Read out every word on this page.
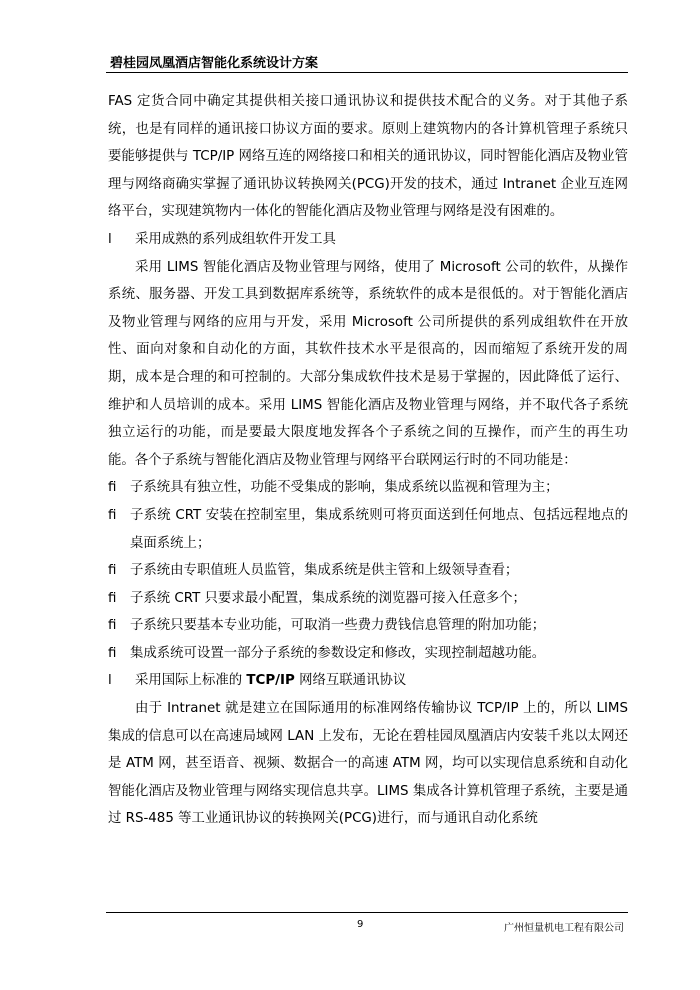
碧桂园凤凰酒店智能化系统设计方案

FAS 定货合同中确定其提供相关接口通讯协议和提供技术配合的义务。对于其他子系统，也是有同样的通讯接口协议方面的要求。原则上建筑物内的各计算机管理子系统只要能够提供与 TCP/IP 网络互连的网络接口和相关的通讯协议，同时智能化酒店及物业管理与网络商确实掌握了通讯协议转换网关(PCG)开发的技术，通过 Intranet 企业互连网络平台，实现建筑物内一体化的智能化酒店及物业管理与网络是没有困难的。

l	采用成熟的系列成组软件开发工具

采用 LIMS 智能化酒店及物业管理与网络，使用了 Microsoft 公司的软件，从操作系统、服务器、开发工具到数据库系统等，系统软件的成本是很低的。对于智能化酒店及物业管理与网络的应用与开发，采用 Microsoft 公司所提供的系列成组软件在开放性、面向对象和自动化的方面，其软件技术水平是很高的，因而缩短了系统开发的周期，成本是合理的和可控制的。大部分集成软件技术是易于掌握的，因此降低了运行、维护和人员培训的成本。采用 LIMS 智能化酒店及物业管理与网络，并不取代各子系统独立运行的功能，而是要最大限度地发挥各个子系统之间的互操作，而产生的再生功能。各个子系统与智能化酒店及物业管理与网络平台联网运行时的不同功能是：

fi	子系统具有独立性，功能不受集成的影响，集成系统以监视和管理为主；
fi	子系统 CRT 安装在控制室里，集成系统则可将页面送到任何地点、包括远程地点的桌面系统上；
fi	子系统由专职值班人员监管，集成系统是供主管和上级领导查看；
fi	子系统 CRT 只要求最小配置，集成系统的浏览器可接入任意多个；
fi	子系统只要基本专业功能，可取消一些费力费钱信息管理的附加功能；
fi	集成系统可设置一部分子系统的参数设定和修改，实现控制超越功能。
l	采用国际上标准的 TCP/IP 网络互联通讯协议

由于 Intranet 就是建立在国际通用的标准网络传输协议 TCP/IP 上的，所以 LIMS 集成的信息可以在高速局域网 LAN 上发布，无论在碧桂园凤凰酒店内安装千兆以太网还是 ATM 网，甚至语音、视频、数据合一的高速 ATM 网，均可以实现信息系统和自动化智能化酒店及物业管理与网络实现信息共享。LIMS 集成各计算机管理子系统，主要是通过 RS-485 等工业通讯协议的转换网关(PCG)进行，而与通讯自动化系统

9	广州恒量机电工程有限公司
